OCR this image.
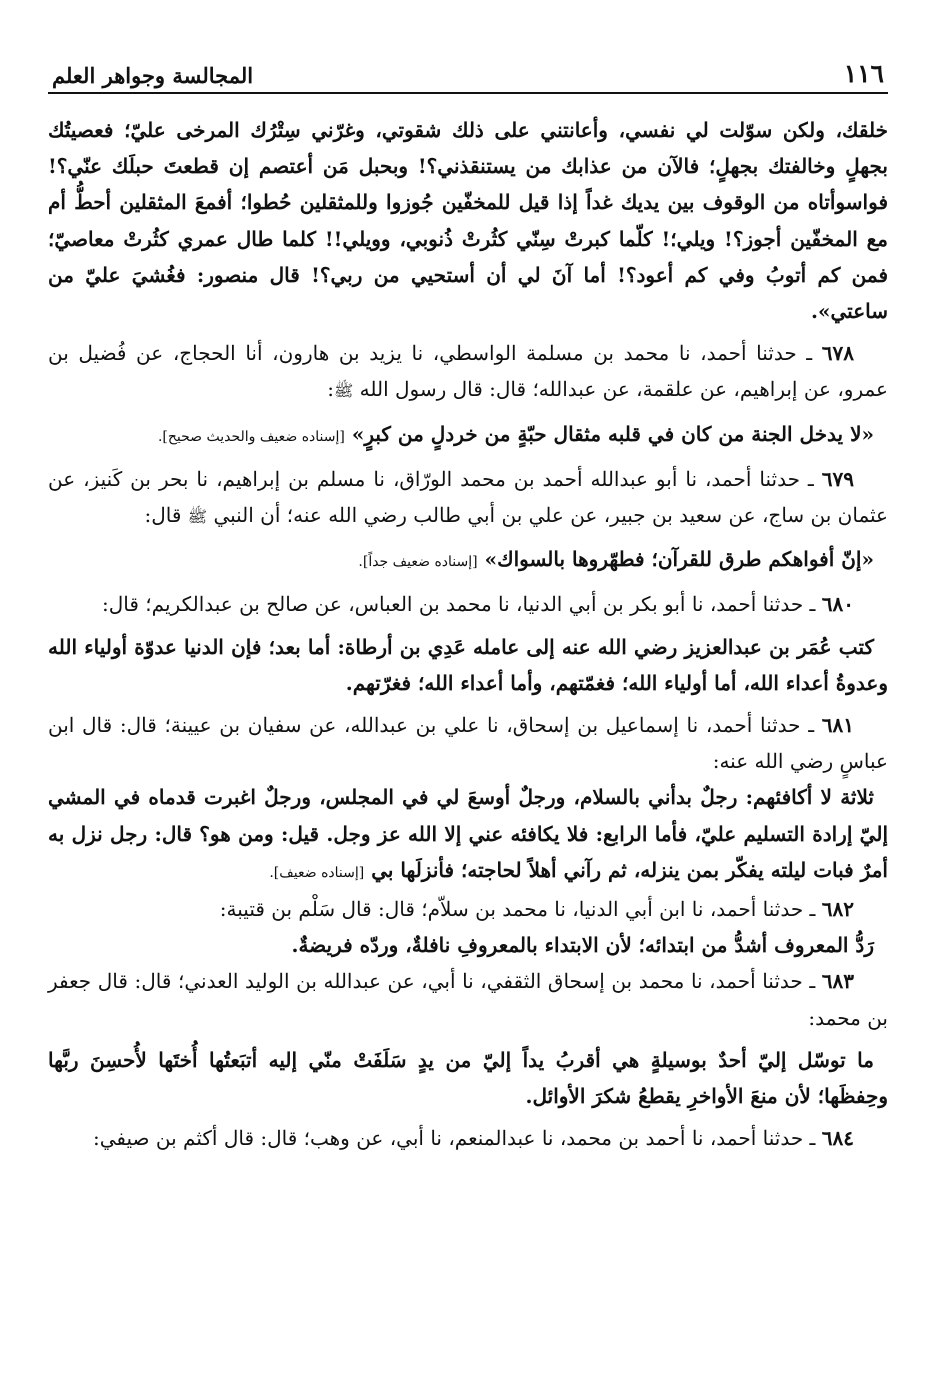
١١٦
المجالسة وجواهر العلم

خلقك، ولكن سوّلت لي نفسي، وأعانتني على ذلك شقوتي، وغرّني سِتْرُك المرخى عليّ؛ فعصيتُك بجهلٍ وخالفتك بجهلٍ؛ فالآن من عذابك من يستنقذني؟! وبحبل مَن أعتصم إن قطعتَ حبلَك عنّي؟! فواسوأتاه من الوقوف بين يديك غداً إذا قيل للمخفّين جُوزوا وللمثقلين حُطوا؛ أفمعَ المثقلين أحطُّ أم مع المخفّين أجوز؟! ويلي؛! كلّما كبرتْ سِنّي كثُرتْ ذُنوبي، وويلي!! كلما طال عمري كثُرتْ معاصيّ؛ فمن كم أتوبُ وفي كم أعود؟! أما آنَ لي أن أستحيي من ربي؟! قال منصور: فغُشيَ عليّ من ساعتي».

٦٧٨ ـ حدثنا أحمد، نا محمد بن مسلمة الواسطي، نا يزيد بن هارون، أنا الحجاج، عن فُضيل بن عمرو، عن إبراهيم، عن علقمة، عن عبدالله؛ قال: قال رسول الله ﷺ:

«لا يدخل الجنة من كان في قلبه مثقال حبّةٍ من خردلٍ من كبرٍ» [إسناده ضعيف والحديث صحيح].

٦٧٩ ـ حدثنا أحمد، نا أبو عبدالله أحمد بن محمد الورّاق، نا مسلم بن إبراهيم، نا بحر بن كَنيز، عن عثمان بن ساج، عن سعيد بن جبير، عن علي بن أبي طالب رضي الله عنه؛ أن النبي ﷺ قال:

«إنّ أفواهكم طرق للقرآن؛ فطهّروها بالسواك» [إسناده ضعيف جداً].

٦٨٠ ـ حدثنا أحمد، نا أبو بكر بن أبي الدنيا، نا محمد بن العباس، عن صالح بن عبدالكريم؛ قال:

كتب عُمَر بن عبدالعزيز رضي الله عنه إلى عامله عَدِي بن أرطاة: أما بعد؛ فإن الدنيا عدوّة أولياء الله وعدوةُ أعداء الله، أما أولياء الله؛ فغمّتهم، وأما أعداء الله؛ فغرّتهم.

٦٨١ ـ حدثنا أحمد، نا إسماعيل بن إسحاق، نا علي بن عبدالله، عن سفيان بن عيينة؛ قال: قال ابن عباسٍ رضي الله عنه:

ثلاثة لا أكافئهم: رجلٌ بدأني بالسلام، ورجلٌ أوسعَ لي في المجلس، ورجلٌ اغبرت قدماه في المشي إليّ إرادة التسليم عليّ، فأما الرابع: فلا يكافئه عني إلا الله عز وجل. قيل: ومن هو؟ قال: رجل نزل به أمرٌ فبات ليلته يفكّر بمن ينزله، ثم رآني أهلاً لحاجته؛ فأنزلَها بي [إسناده ضعيف].

٦٨٢ ـ حدثنا أحمد، نا ابن أبي الدنيا، نا محمد بن سلاّم؛ قال: قال سَلْم بن قتيبة:

رَدُّ المعروف أشدُّ من ابتدائه؛ لأن الابتداء بالمعروفِ نافلةٌ، وردّه فريضةٌ.

٦٨٣ ـ حدثنا أحمد، نا محمد بن إسحاق الثقفي، نا أبي، عن عبدالله بن الوليد العدني؛ قال: قال جعفر بن محمد:

ما توسّل إليّ أحدٌ بوسيلةٍ هي أقربُ يداً إليّ من يدٍ سَلَفَتْ منّي إليه أتبَعتُها أُختَها لأُحسِنَ ربَّها وحِفظَها؛ لأن منعَ الأواخرِ يقطعُ شكرَ الأوائل.

٦٨٤ ـ حدثنا أحمد، نا أحمد بن محمد، نا عبدالمنعم، نا أبي، عن وهب؛ قال: قال أكثم بن صيفي:
